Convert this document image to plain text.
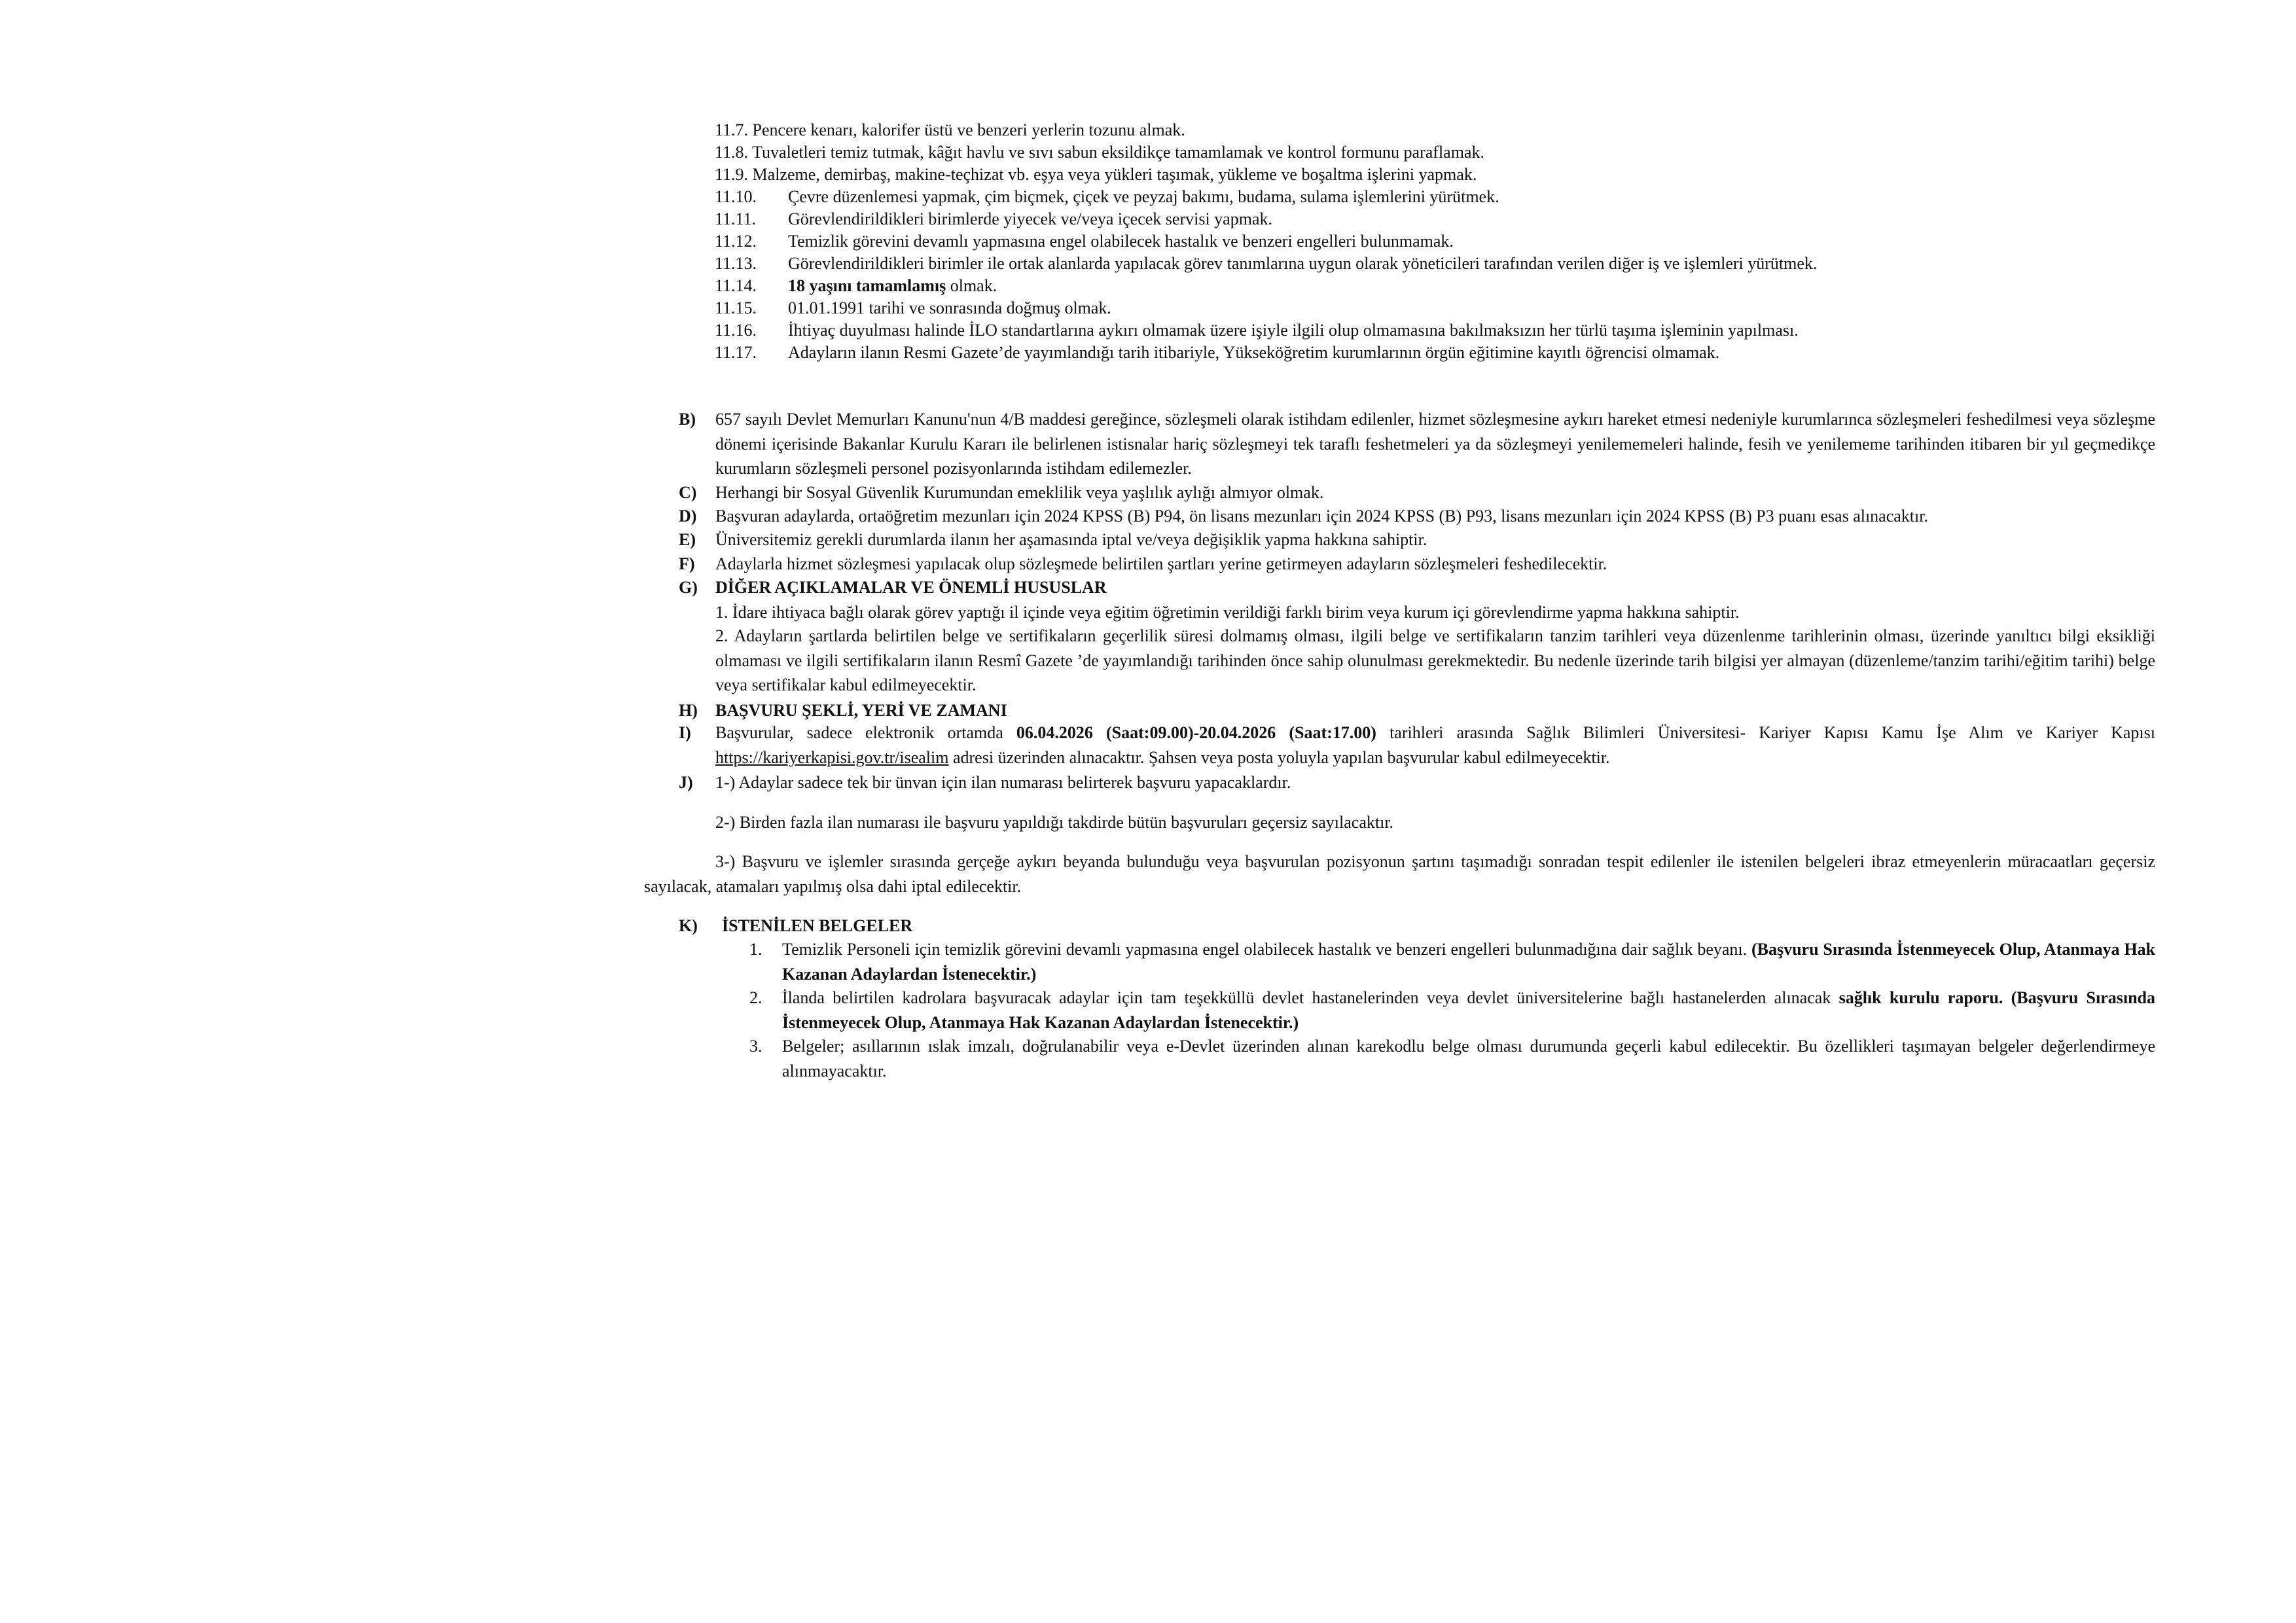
11.7. Pencere kenarı, kalorifer üstü ve benzeri yerlerin tozunu almak.
11.8. Tuvaletleri temiz tutmak, kâğıt havlu ve sıvı sabun eksildikçe tamamlamak ve kontrol formunu paraflamak.
11.9. Malzeme, demirbaş, makine-teçhizat vb. eşya veya yükleri taşımak, yükleme ve boşaltma işlerini yapmak.
11.10. Çevre düzenlemesi yapmak, çim biçmek, çiçek ve peyzaj bakımı, budama, sulama işlemlerini yürütmek.
11.11. Görevlendirildikleri birimlerde yiyecek ve/veya içecek servisi yapmak.
11.12. Temizlik görevini devamlı yapmasına engel olabilecek hastalık ve benzeri engelleri bulunmamak.
11.13. Görevlendirildikleri birimler ile ortak alanlarda yapılacak görev tanımlarına uygun olarak yöneticileri tarafından verilen diğer iş ve işlemleri yürütmek.
11.14. 18 yaşını tamamlamış olmak.
11.15. 01.01.1991 tarihi ve sonrasında doğmuş olmak.
11.16. İhtiyaç duyulması halinde İLO standartlarına aykırı olmamak üzere işiyle ilgili olup olmamasına bakılmaksızın her türlü taşıma işleminin yapılması.
11.17. Adayların ilanın Resmi Gazete’de yayımlandığı tarih itibariyle, Yükseköğretim kurumlarının örgün eğitimine kayıtlı öğrencisi olmamak.
B) 657 sayılı Devlet Memurları Kanunu'nun 4/B maddesi gereğince, sözleşmeli olarak istihdam edilenler, hizmet sözleşmesine aykırı hareket etmesi nedeniyle kurumlarınca sözleşmeleri feshedilmesi veya sözleşme dönemi içerisinde Bakanlar Kurulu Kararı ile belirlenen istisnalar hariç sözleşmeyi tek taraflı feshetmeleri ya da sözleşmeyi yenilememeleri halinde, fesih ve yenilememe tarihinden itibaren bir yıl geçmedikçe kurumların sözleşmeli personel pozisyonlarında istihdam edilemezler.
C) Herhangi bir Sosyal Güvenlik Kurumundan emeklilik veya yaşlılık aylığı almıyor olmak.
D) Başvuran adaylarda, ortaöğretim mezunları için 2024 KPSS (B) P94, ön lisans mezunları için 2024 KPSS (B) P93, lisans mezunları için 2024 KPSS (B) P3 puanı esas alınacaktır.
E) Üniversitemiz gerekli durumlarda ilanın her aşamasında iptal ve/veya değişiklik yapma hakkına sahiptir.
F) Adaylarla hizmet sözleşmesi yapılacak olup sözleşmede belirtilen şartları yerine getirmeyen adayların sözleşmeleri feshedilecektir.
G) DİĞER AÇIKLAMALAR VE ÖNEMLİ HUSUSLAR
1. İdare ihtiyaca bağlı olarak görev yaptığı il içinde veya eğitim öğretimin verildiği farklı birim veya kurum içi görevlendirme yapma hakkına sahiptir.
2. Adayların şartlarda belirtilen belge ve sertifikaların geçerlilik süresi dolmamış olması, ilgili belge ve sertifikaların tanzim tarihleri veya düzenlenme tarihlerinin olması, üzerinde yanıltıcı bilgi eksikliği olmaması ve ilgili sertifikaların ilanın Resmî Gazete ’de yayımlandığı tarihinden önce sahip olunulması gerekmektedir. Bu nedenle üzerinde tarih bilgisi yer almayan (düzenleme/tanzim tarihi/eğitim tarihi) belge veya sertifikalar kabul edilmeyecektir.
H) BAŞVURU ŞEKLİ, YERİ VE ZAMANI
I) Başvurular, sadece elektronik ortamda 06.04.2026 (Saat:09.00)-20.04.2026 (Saat:17.00) tarihleri arasında Sağlık Bilimleri Üniversitesi- Kariyer Kapısı Kamu İşe Alım ve Kariyer Kapısı https://kariyerkapisi.gov.tr/isealim adresi üzerinden alınacaktır. Şahsen veya posta yoluyla yapılan başvurular kabul edilmeyecektir.
J) 1-) Adaylar sadece tek bir ünvan için ilan numarası belirterek başvuru yapacaklardır.
2-) Birden fazla ilan numarası ile başvuru yapıldığı takdirde bütün başvuruları geçersiz sayılacaktır.
3-) Başvuru ve işlemler sırasında gerçeğe aykırı beyanda bulunduğu veya başvurulan pozisyonun şartını taşımadığı sonradan tespit edilenler ile istenilen belgeleri ibraz etmeyenlerin müracaatları geçersiz sayılacak, atamaları yapılmış olsa dahi iptal edilecektir.
K) İSTENİLEN BELGELER
1. Temizlik Personeli için temizlik görevini devamlı yapmasına engel olabilecek hastalık ve benzeri engelleri bulunmadığına dair sağlık beyanı. (Başvuru Sırasında İstenmeyecek Olup, Atanmaya Hak Kazanan Adaylardan İstenecektir.)
2. İlanda belirtilen kadrolara başvuracak adaylar için tam teşekküllü devlet hastanelerinden veya devlet üniversitelerine bağlı hastanelerden alınacak sağlık kurulu raporu. (Başvuru Sırasında İstenmeyecek Olup, Atanmaya Hak Kazanan Adaylardan İstenecektir.)
3. Belgeler; asıllarının ıslak imzalı, doğrulanabilir veya e-Devlet üzerinden alınan karekodlu belge olması durumunda geçerli kabul edilecektir. Bu özellikleri taşımayan belgeler değerlendirmeye alınmayacaktır.
